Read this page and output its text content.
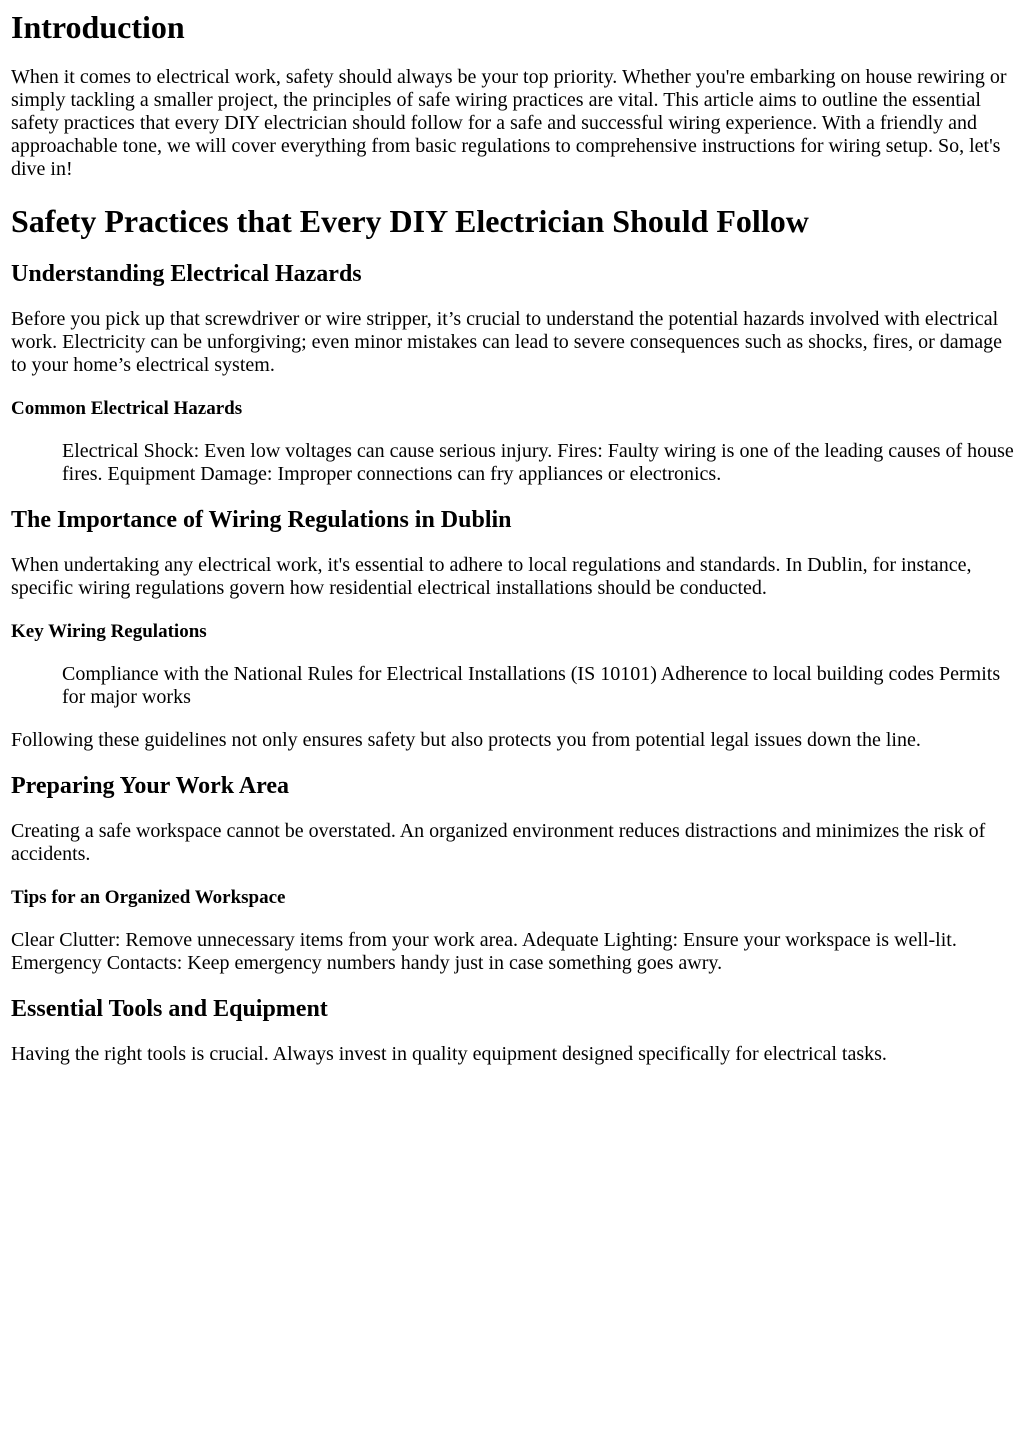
Introduction

When it comes to electrical work, safety should always be your top priority. Whether you're embarking on house rewiring or simply tackling a smaller project, the principles of safe wiring practices are vital. This article aims to outline the essential safety practices that every DIY electrician should follow for a safe and successful wiring experience. With a friendly and approachable tone, we will cover everything from basic regulations to comprehensive instructions for wiring setup. So, let's dive in!

Safety Practices that Every DIY Electrician Should Follow
Understanding Electrical Hazards

Before you pick up that screwdriver or wire stripper, it’s crucial to understand the potential hazards involved with electrical work. Electricity can be unforgiving; even minor mistakes can lead to severe consequences such as shocks, fires, or damage to your home’s electrical system.

Common Electrical Hazards
Electrical Shock: Even low voltages can cause serious injury. Fires: Faulty wiring is one of the leading causes of house fires. Equipment Damage: Improper connections can fry appliances or electronics.
The Importance of Wiring Regulations in Dublin

When undertaking any electrical work, it's essential to adhere to local regulations and standards. In Dublin, for instance, specific wiring regulations govern how residential electrical installations should be conducted.

Key Wiring Regulations
Compliance with the National Rules for Electrical Installations (IS 10101) Adherence to local building codes Permits for major works

Following these guidelines not only ensures safety but also protects you from potential legal issues down the line.

Preparing Your Work Area

Creating a safe workspace cannot be overstated. An organized environment reduces distractions and minimizes the risk of accidents.

Tips for an Organized Workspace

Clear Clutter: Remove unnecessary items from your work area. Adequate Lighting: Ensure your workspace is well-lit. Emergency Contacts: Keep emergency numbers handy just in case something goes awry.

Essential Tools and Equipment

Having the right tools is crucial. Always invest in quality equipment designed specifically for electrical tasks.
